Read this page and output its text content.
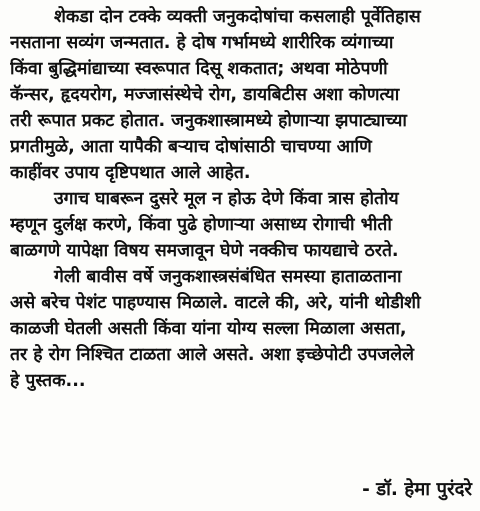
शेकडा दोन टक्के व्यक्ती जनुकदोषांचा कसलाही पूर्वेतिहास

नसताना सव्यंग जन्मतात. हे दोष गर्भामध्ये शारीरिक व्यंगाच्या

किंवा बुद्धिमांद्याच्या स्वरूपात दिसू शकतात; अथवा मोठेपणी

कॅन्सर, हृदयरोग, मज्जासंस्थेचे रोग, डायबिटीस अशा कोणत्या

तरी रूपात प्रकट होतात. जनुकशास्त्रामध्ये होणाऱ्या झपाट्याच्या

प्रगतीमुळे, आता यापैकी बऱ्याच दोषांसाठी चाचण्या आणि

काहींवर उपाय दृष्टिपथात आले आहेत.

उगाच घाबरून दुसरे मूल न होऊ देणे किंवा त्रास होतोय

म्हणून दुर्लक्ष करणे, किंवा पुढे होणाऱ्या असाध्य रोगाची भीती

बाळगणे यापेक्षा विषय समजावून घेणे नक्कीच फायद्याचे ठरते.

गेली बावीस वर्षे जनुकशास्त्रसंबंधित समस्या हाताळताना

असे बरेच पेशंट पाहण्यास मिळाले. वाटले की, अरे, यांनी थोडीशी

काळजी घेतली असती किंवा यांना योग्य सल्ला मिळाला असता,

तर हे रोग निश्चित टाळता आले असते. अशा इच्छेपोटी उपजलेले

हे पुस्तक...

- डॉ. हेमा पुरंदरे
